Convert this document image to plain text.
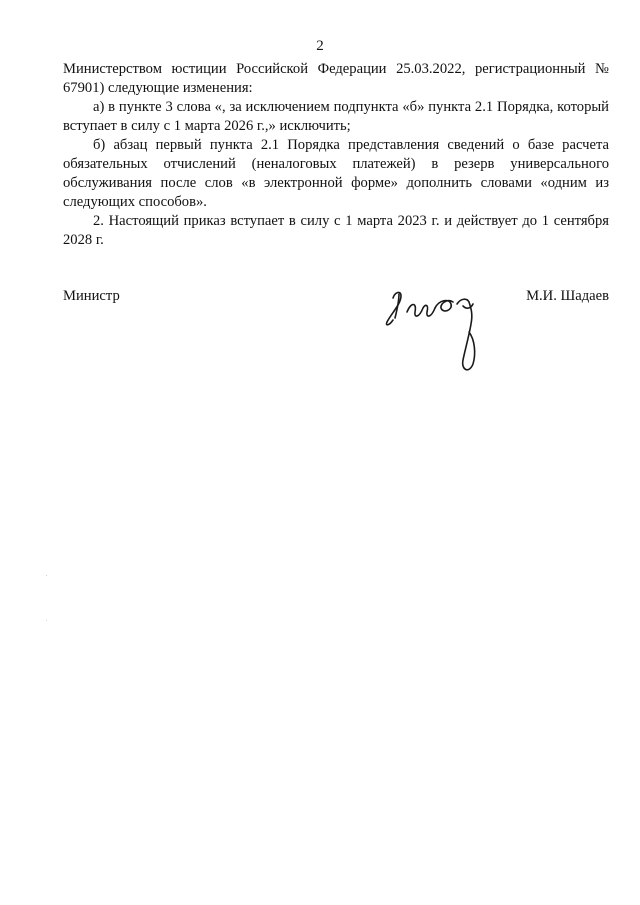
2

Министерством юстиции Российской Федерации 25.03.2022, регистрационный № 67901) следующие изменения:

а) в пункте 3 слова «, за исключением подпункта «б» пункта 2.1 Порядка, который вступает в силу с 1 марта 2026 г.,» исключить;

б) абзац первый пункта 2.1 Порядка представления сведений о базе расчета обязательных отчислений (неналоговых платежей) в резерв универсального обслуживания после слов «в электронной форме» дополнить словами «одним из следующих способов».

2. Настоящий приказ вступает в силу с 1 марта 2023 г. и действует до 1 сентября 2028 г.

Министр	М.И. Шадаев
